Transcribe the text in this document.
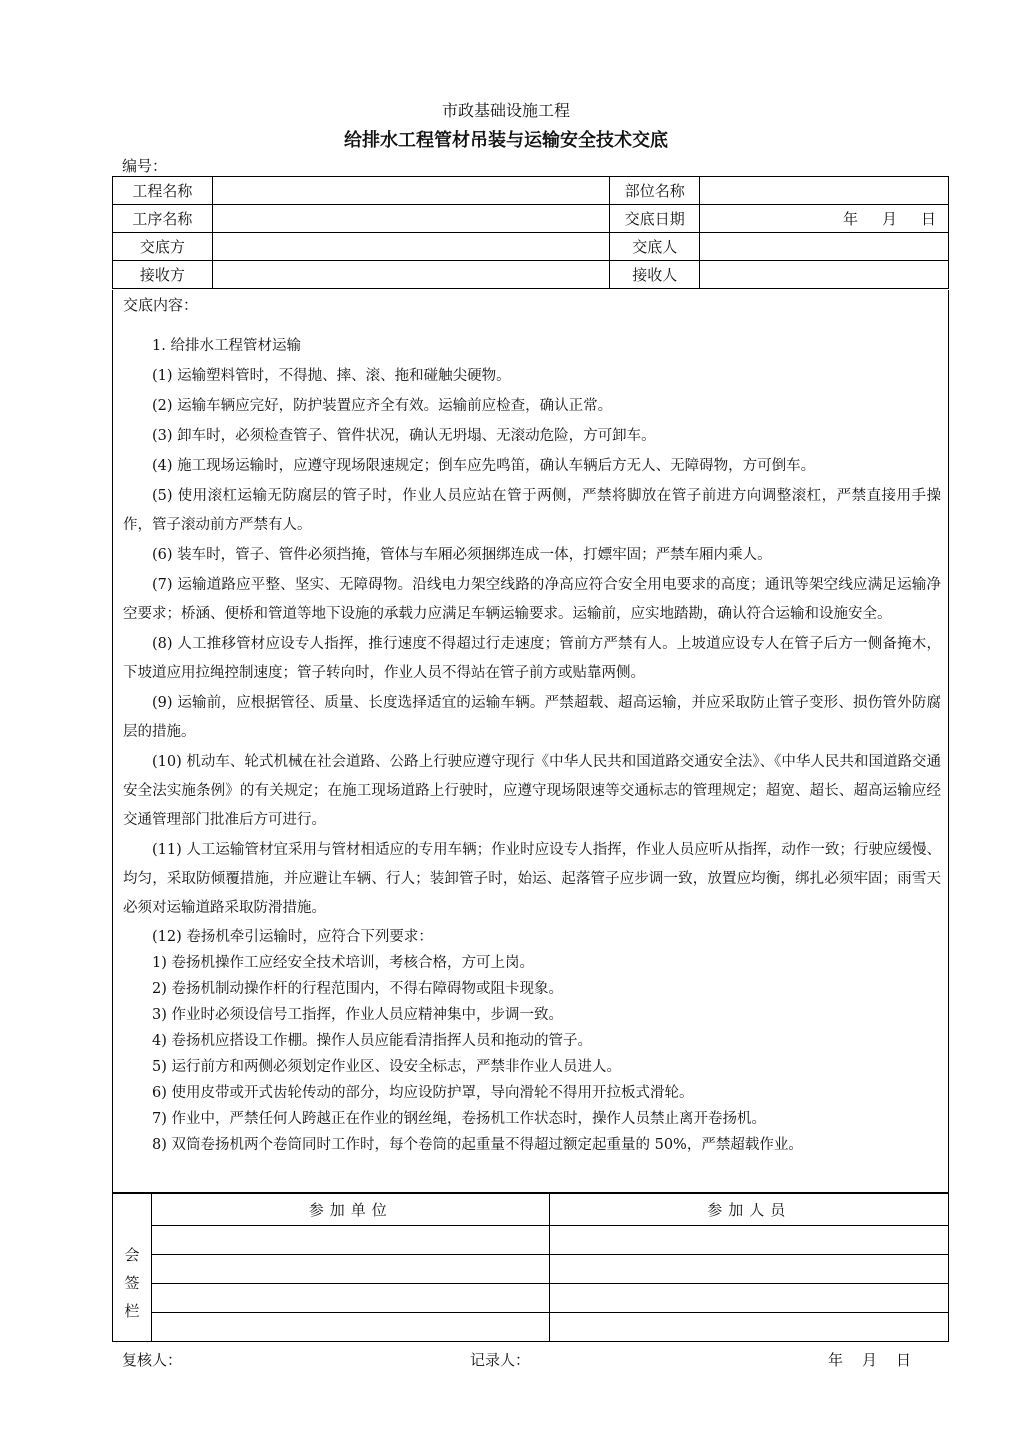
市政基础设施工程
给排水工程管材吊装与运输安全技术交底
编号：
工程名称		部位名称	
工序名称		交底日期	年 月 日
交底方		交底人	
接收方		接收人	
交底内容：

1. 给排水工程管材运输

(1) 运输塑料管时，不得抛、摔、滚、拖和碰触尖硬物。

(2) 运输车辆应完好，防护装置应齐全有效。运输前应检查，确认正常。

(3) 卸车时，必须检查管子、管件状况，确认无坍塌、无滚动危险，方可卸车。

(4) 施工现场运输时，应遵守现场限速规定；倒车应先鸣笛，确认车辆后方无人、无障碍物，方可倒车。

(5) 使用滚杠运输无防腐层的管子时，作业人员应站在管于两侧，严禁将脚放在管子前进方向调整滚杠，严禁直接用手操作，管子滚动前方严禁有人。

(6) 装车时，管子、管件必须挡掩，管体与车厢必须捆绑连成一体，打嫖牢固；严禁车厢内乘人。

(7) 运输道路应平整、坚实、无障碍物。沿线电力架空线路的净高应符合安全用电要求的高度；通讯等架空线应满足运输净空要求；桥涵、便桥和管道等地下设施的承载力应满足车辆运输要求。运输前，应实地踏勘，确认符合运输和设施安全。

(8) 人工推移管材应设专人指挥，推行速度不得超过行走速度；管前方严禁有人。上坡道应设专人在管子后方一侧备掩木，下坡道应用拉绳控制速度；管子转向时，作业人员不得站在管子前方或贴靠两侧。

(9) 运输前，应根据管径、质量、长度选择适宜的运输车辆。严禁超载、超高运输，并应采取防止管子变形、损伤管外防腐层的措施。

(10) 机动车、轮式机械在社会道路、公路上行驶应遵守现行《中华人民共和国道路交通安全法》、《中华人民共和国道路交通安全法实施条例》的有关规定；在施工现场道路上行驶时，应遵守现场限速等交通标志的管理规定；超宽、超长、超高运输应经交通管理部门批准后方可进行。

(11) 人工运输管材宜采用与管材相适应的专用车辆；作业时应设专人指挥，作业人员应听从指挥，动作一致；行驶应缓慢、均匀，采取防倾覆措施，并应避让车辆、行人；装卸管子时，始运、起落管子应步调一致，放置应均衡，绑扎必须牢固；雨雪天必须对运输道路采取防滑措施。

(12) 卷扬机牵引运输时，应符合下列要求：

1) 卷扬机操作工应经安全技术培训，考核合格，方可上岗。

2) 卷扬机制动操作杆的行程范围内，不得右障碍物或阻卡现象。

3) 作业时必须设信号工指挥，作业人员应精神集中，步调一致。

4) 卷扬机应搭设工作棚。操作人员应能看清指挥人员和拖动的管子。

5) 运行前方和两侧必须划定作业区、设安全标志，严禁非作业人员进人。

6) 使用皮带或开式齿轮传动的部分，均应设防护罩，导向滑轮不得用开拉板式滑轮。

7) 作业中，严禁任何人跨越正在作业的钢丝绳，卷扬机工作状态时，操作人员禁止离开卷扬机。

8) 双筒卷扬机两个卷筒同时工作时，每个卷筒的起重量不得超过额定起重量的 50%，严禁超载作业。

会
签
栏	参加单位	参加人员

复核人：	记录人：	年 月 日
